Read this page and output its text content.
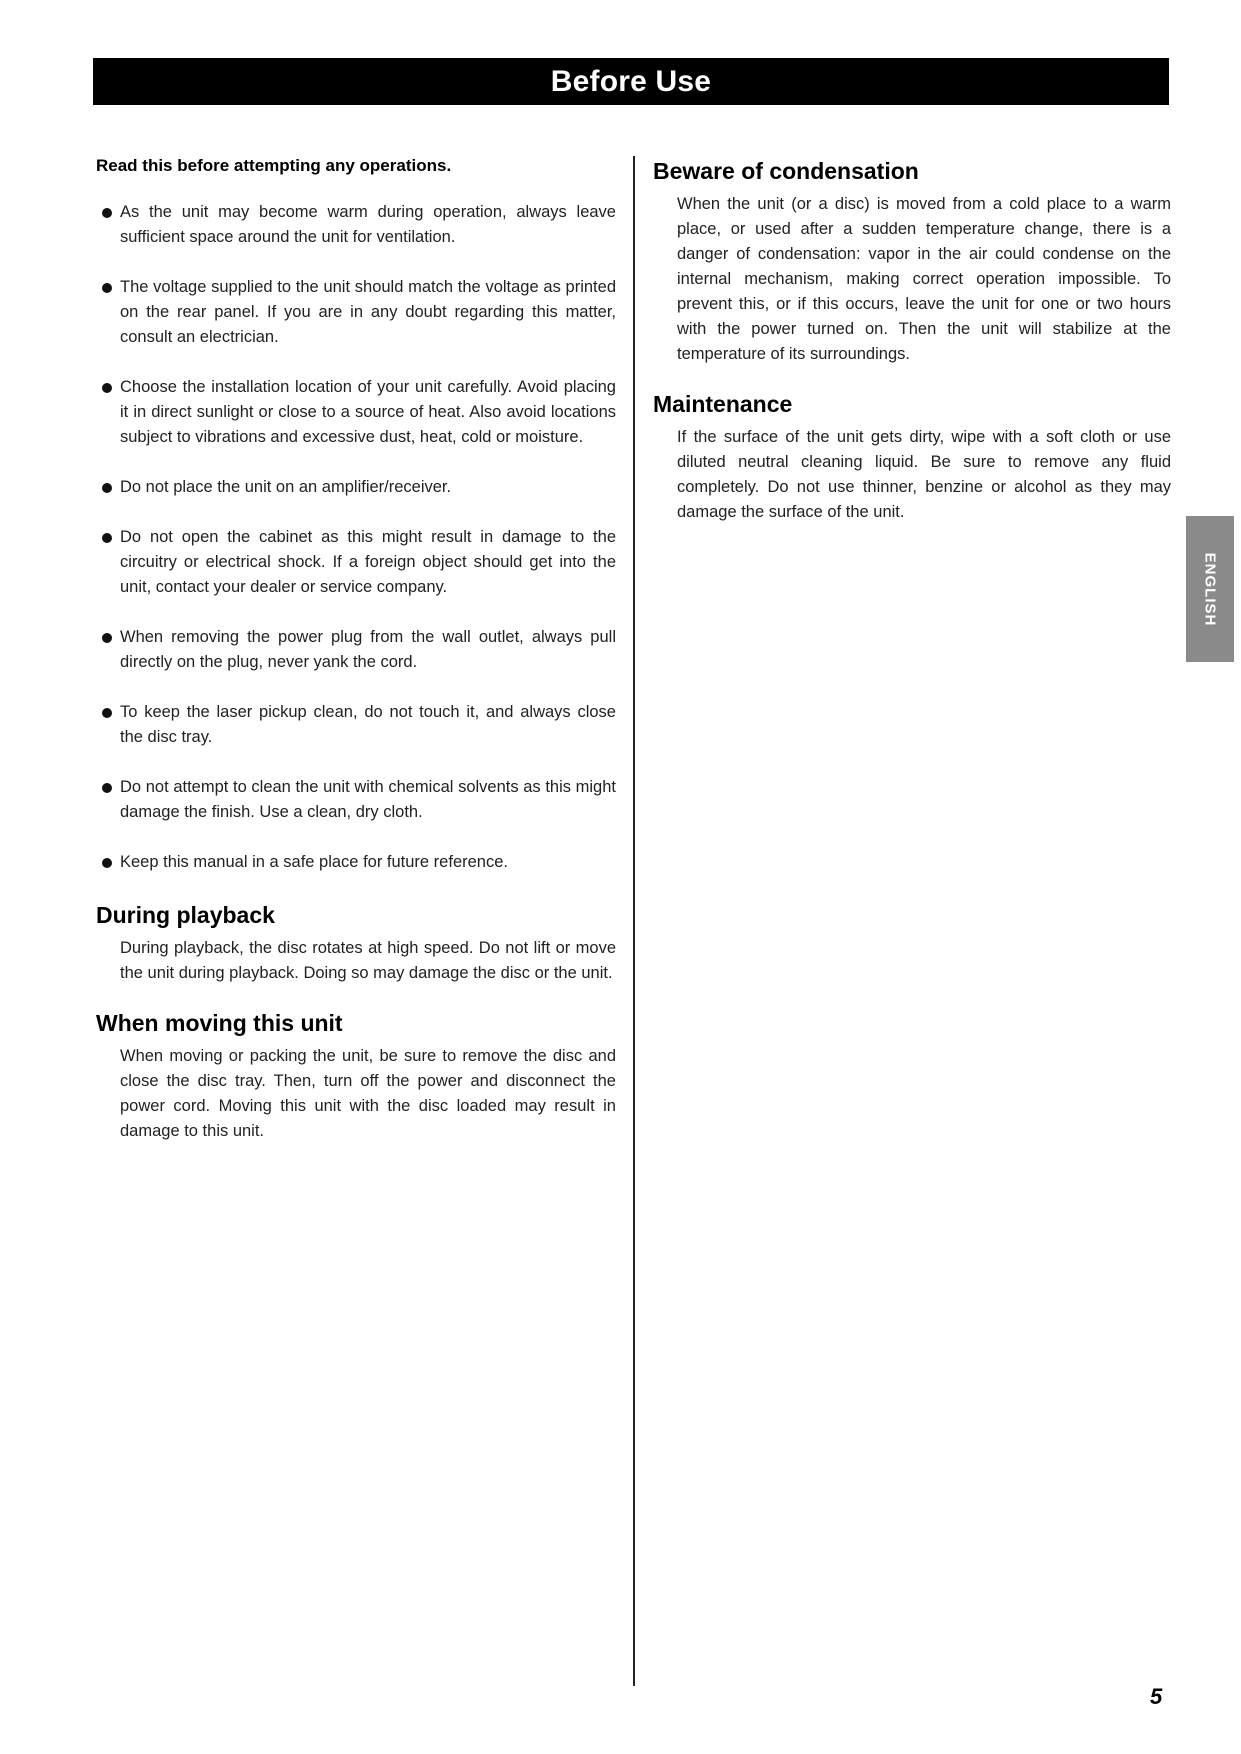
Before Use

Read this before attempting any operations.

As the unit may become warm during operation, always leave sufficient space around the unit for ventilation.
The voltage supplied to the unit should match the voltage as printed on the rear panel. If you are in any doubt regarding this matter, consult an electrician.
Choose the installation location of your unit carefully. Avoid placing it in direct sunlight or close to a source of heat. Also avoid locations subject to vibrations and excessive dust, heat, cold or moisture.
Do not place the unit on an amplifier/receiver.
Do not open the cabinet as this might result in damage to the circuitry or electrical shock. If a foreign object should get into the unit, contact your dealer or service company.
When removing the power plug from the wall outlet, always pull directly on the plug, never yank the cord.
To keep the laser pickup clean, do not touch it, and always close the disc tray.
Do not attempt to clean the unit with chemical solvents as this might damage the finish. Use a clean, dry cloth.
Keep this manual in a safe place for future reference.
During playback

During playback, the disc rotates at high speed. Do not lift or move the unit during playback. Doing so may damage the disc or the unit.

When moving this unit

When moving or packing the unit, be sure to remove the disc and close the disc tray. Then, turn off the power and disconnect the power cord. Moving this unit with the disc loaded may result in damage to this unit.

Beware of condensation

When the unit (or a disc) is moved from a cold place to a warm place, or used after a sudden temperature change, there is a danger of condensation: vapor in the air could condense on the internal mechanism, making correct operation impossible. To prevent this, or if this occurs, leave the unit for one or two hours with the power turned on. Then the unit will stabilize at the temperature of its surroundings.

Maintenance

If the surface of the unit gets dirty, wipe with a soft cloth or use diluted neutral cleaning liquid. Be sure to remove any fluid completely. Do not use thinner, benzine or alcohol as they may damage the surface of the unit.

ENGLISH
5
